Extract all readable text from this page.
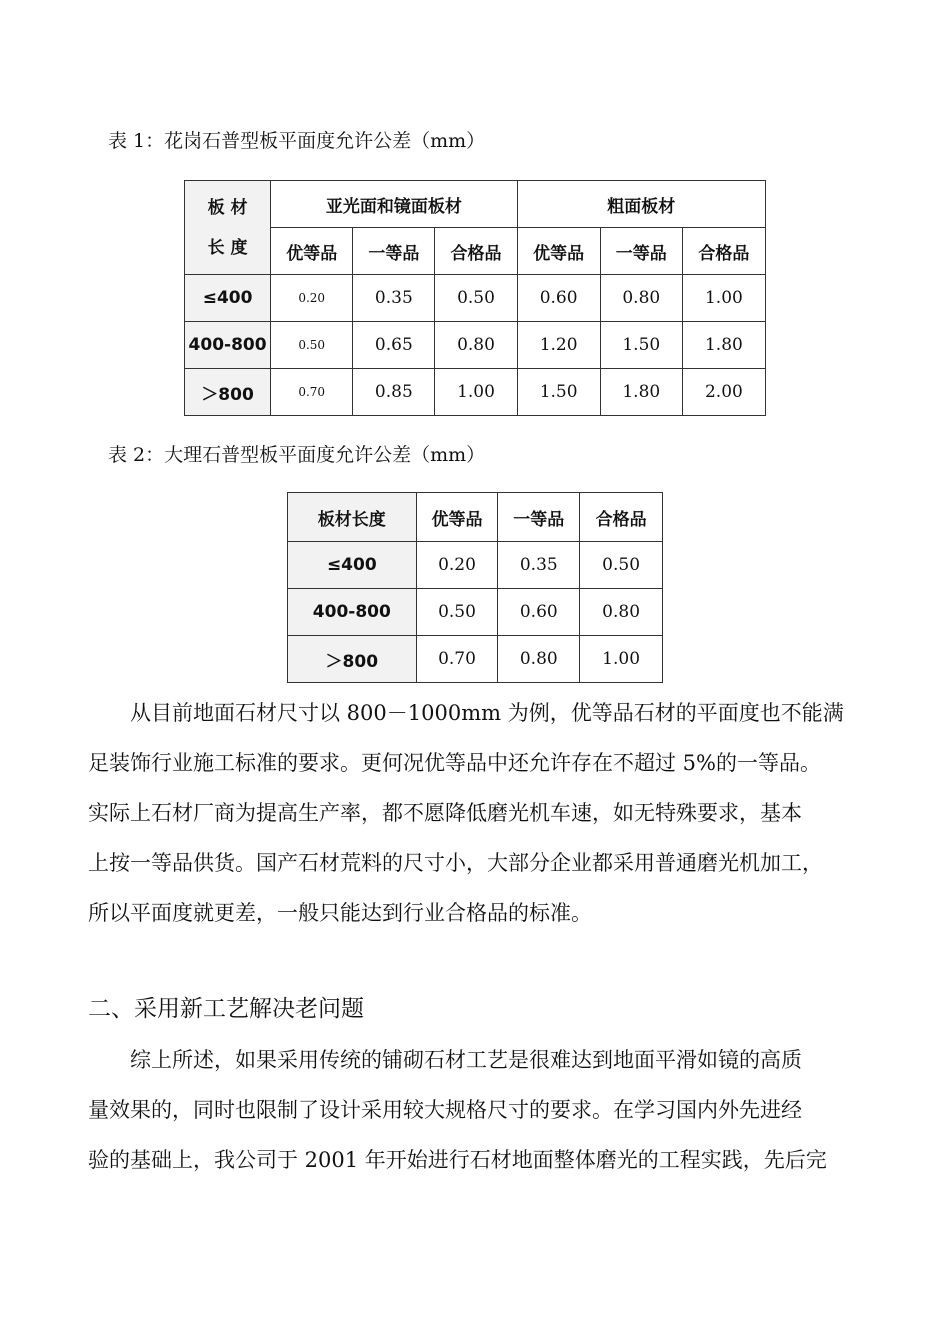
表 1：花岗石普型板平面度允许公差（mm）
板 材
长 度	亚光面和镜面板材			粗面板材		
	优等品	一等品	合格品	优等品	一等品	合格品
≤400	0.20	0.35	0.50	0.60	0.80	1.00
400-800	0.50	0.65	0.80	1.20	1.50	1.80
＞800	0.70	0.85	1.00	1.50	1.80	2.00
表 2：大理石普型板平面度允许公差（mm）
板材长度	优等品	一等品	合格品
≤400	0.20	0.35	0.50
400-800	0.50	0.60	0.80
＞800	0.70	0.80	1.00
　　从目前地面石材尺寸以 800－1000mm 为例，优等品石材的平面度也不能满
足装饰行业施工标准的要求。更何况优等品中还允许存在不超过 5%的一等品。
实际上石材厂商为提高生产率，都不愿降低磨光机车速，如无特殊要求，基本
上按一等品供货。国产石材荒料的尺寸小，大部分企业都采用普通磨光机加工，
所以平面度就更差，一般只能达到行业合格品的标准。
二、采用新工艺解决老问题
　　综上所述，如果采用传统的铺砌石材工艺是很难达到地面平滑如镜的高质
量效果的，同时也限制了设计采用较大规格尺寸的要求。在学习国内外先进经
验的基础上，我公司于 2001 年开始进行石材地面整体磨光的工程实践，先后完
